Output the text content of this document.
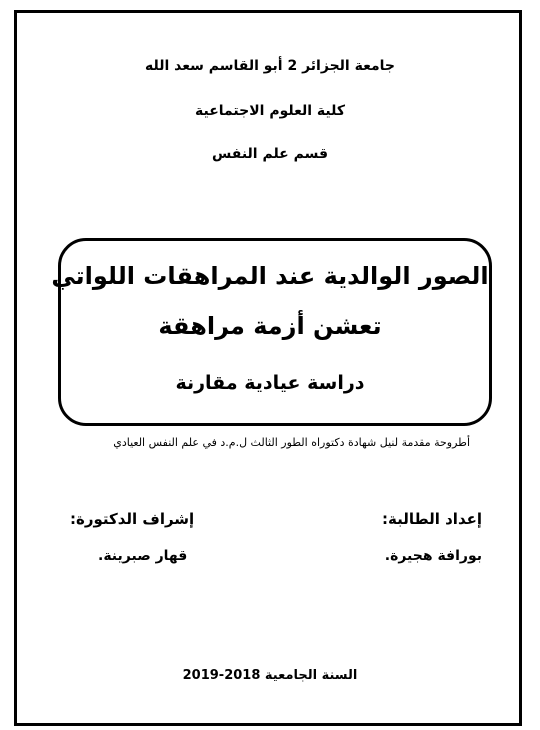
جامعة الجزائر 2 أبو القاسم سعد الله
كلية العلوم الاجتماعية
قسم علم النفس
الصور الوالدية عند المراهقات اللواتي
تعشن أزمة مراهقة
دراسة عيادية مقارنة
أطروحة مقدمة لنيل شهادة دكتوراه الطور الثالث ل.م.د في علم النفس العيادي
إعداد الطالبة:
إشراف الدكتورة:
بورافة هجيرة.
قهار صبرينة.
السنة الجامعية 2018-2019
